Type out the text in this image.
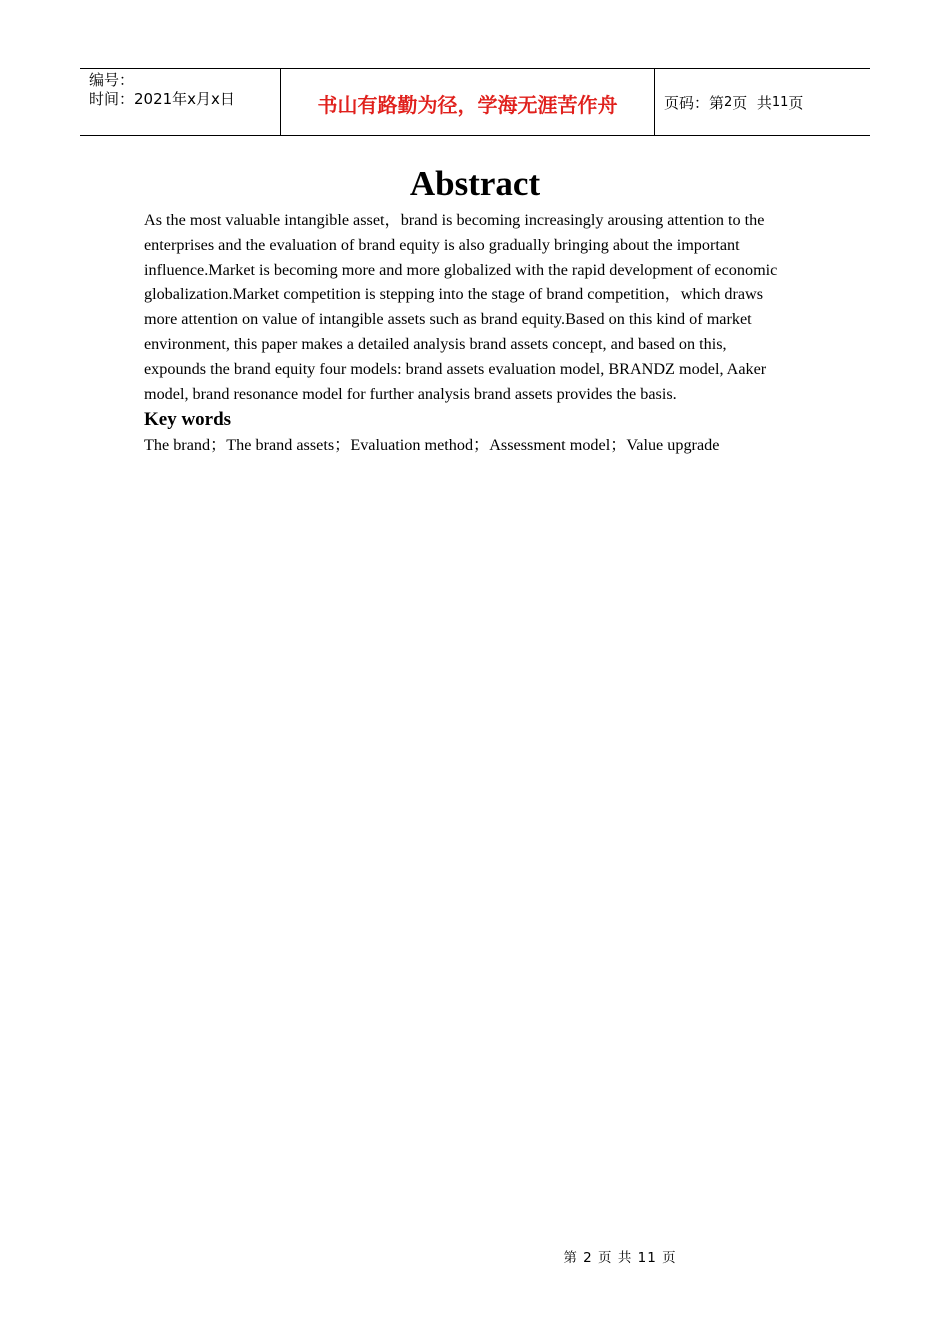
编号：
时间：2021年x月x日	书山有路勤为径，学海无涯苦作舟	页码：第 2 页  共 11 页
Abstract
As the most valuable intangible asset，brand is becoming increasingly arousing attention to the
enterprises and the evaluation of brand equity is also gradually bringing about the important
influence.Market is becoming more and more globalized with the rapid development of economic
globalization.Market competition is stepping into the stage of brand competition，which draws
more attention on value of intangible assets such as brand equity.Based on this kind of market
environment, this paper makes a detailed analysis brand assets concept, and based on this,
expounds the brand equity four models: brand assets evaluation model, BRANDZ model, Aaker
model, brand resonance model for further analysis brand assets provides the basis.
Key words
The brand；The brand assets；Evaluation method；Assessment model；Value upgrade
第 2 页 共 11 页
